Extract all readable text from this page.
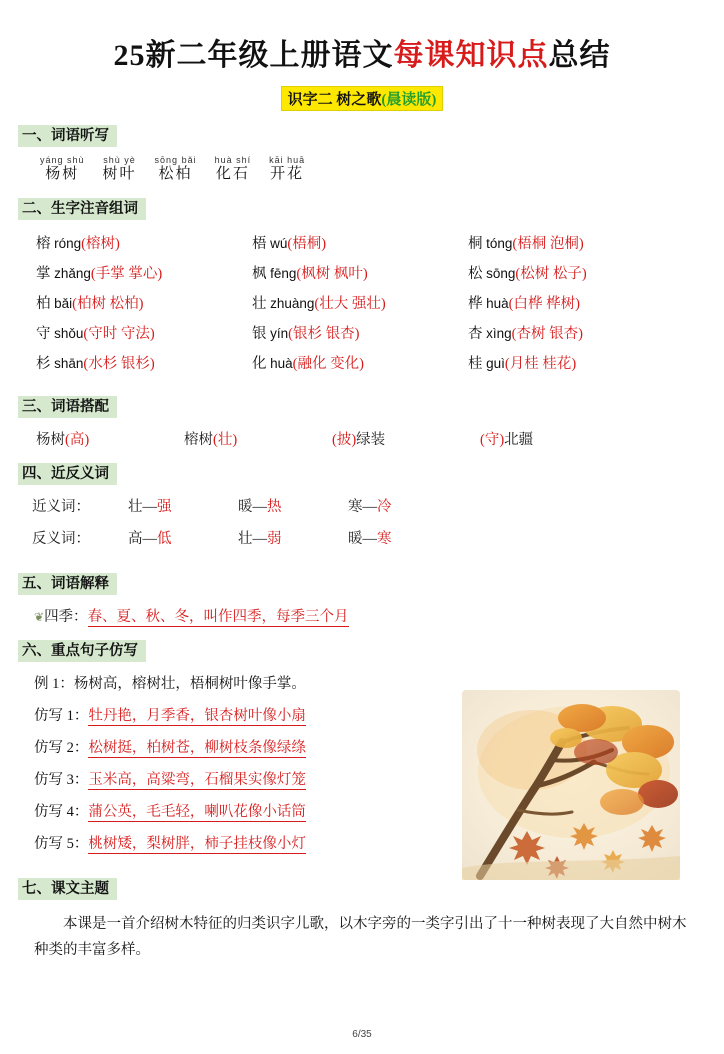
25新二年级上册语文每课知识点总结
识字二 树之歌(晨读版)
一、词语听写
yáng shù
杨树
shù yè
树叶
sōng bǎi
松柏
huà shí
化石
kāi huā
开花
二、生字注音组词
榕 róng(榕树)	梧 wú(梧桐)	桐 tóng(梧桐 泡桐)
掌 zhǎng(手掌 掌心)	枫 fēng(枫树 枫叶)	松 sōng(松树 松子)
柏 bǎi(柏树 松柏)	壮 zhuàng(壮大 强壮)	桦 huà(白桦 桦树)
守 shǒu(守时 守法)	银 yín(银杉 银杏)	杏 xìng(杏树 银杏)
杉 shān(水杉 银杉)	化 huà(融化 变化)	桂 guì(月桂 桂花)
三、词语搭配
杨树(高)	榕树(壮)	(披)绿装	(守)北疆
四、近反义词
近义词：	壮—强	暖—热	寒—冷
反义词：	高—低	壮—弱	暖—寒
五、词语解释
❦四季：春、夏、秋、冬，叫作四季，每季三个月
六、重点句子仿写
例 1：杨树高，榕树壮，梧桐树叶像手掌。
仿写 1：牡丹艳，月季香，银杏树叶像小扇
仿写 2：松树挺，柏树苍，柳树枝条像绿绦
仿写 3：玉米高，高粱弯，石榴果实像灯笼
仿写 4：蒲公英，毛毛轻，喇叭花像小话筒
仿写 5：桃树矮，梨树胖，柿子挂枝像小灯
七、课文主题
本课是一首介绍树木特征的归类识字儿歌，以木字旁的一类字引出了十一种树表现了大自然中树木种类的丰富多样。
6/35
